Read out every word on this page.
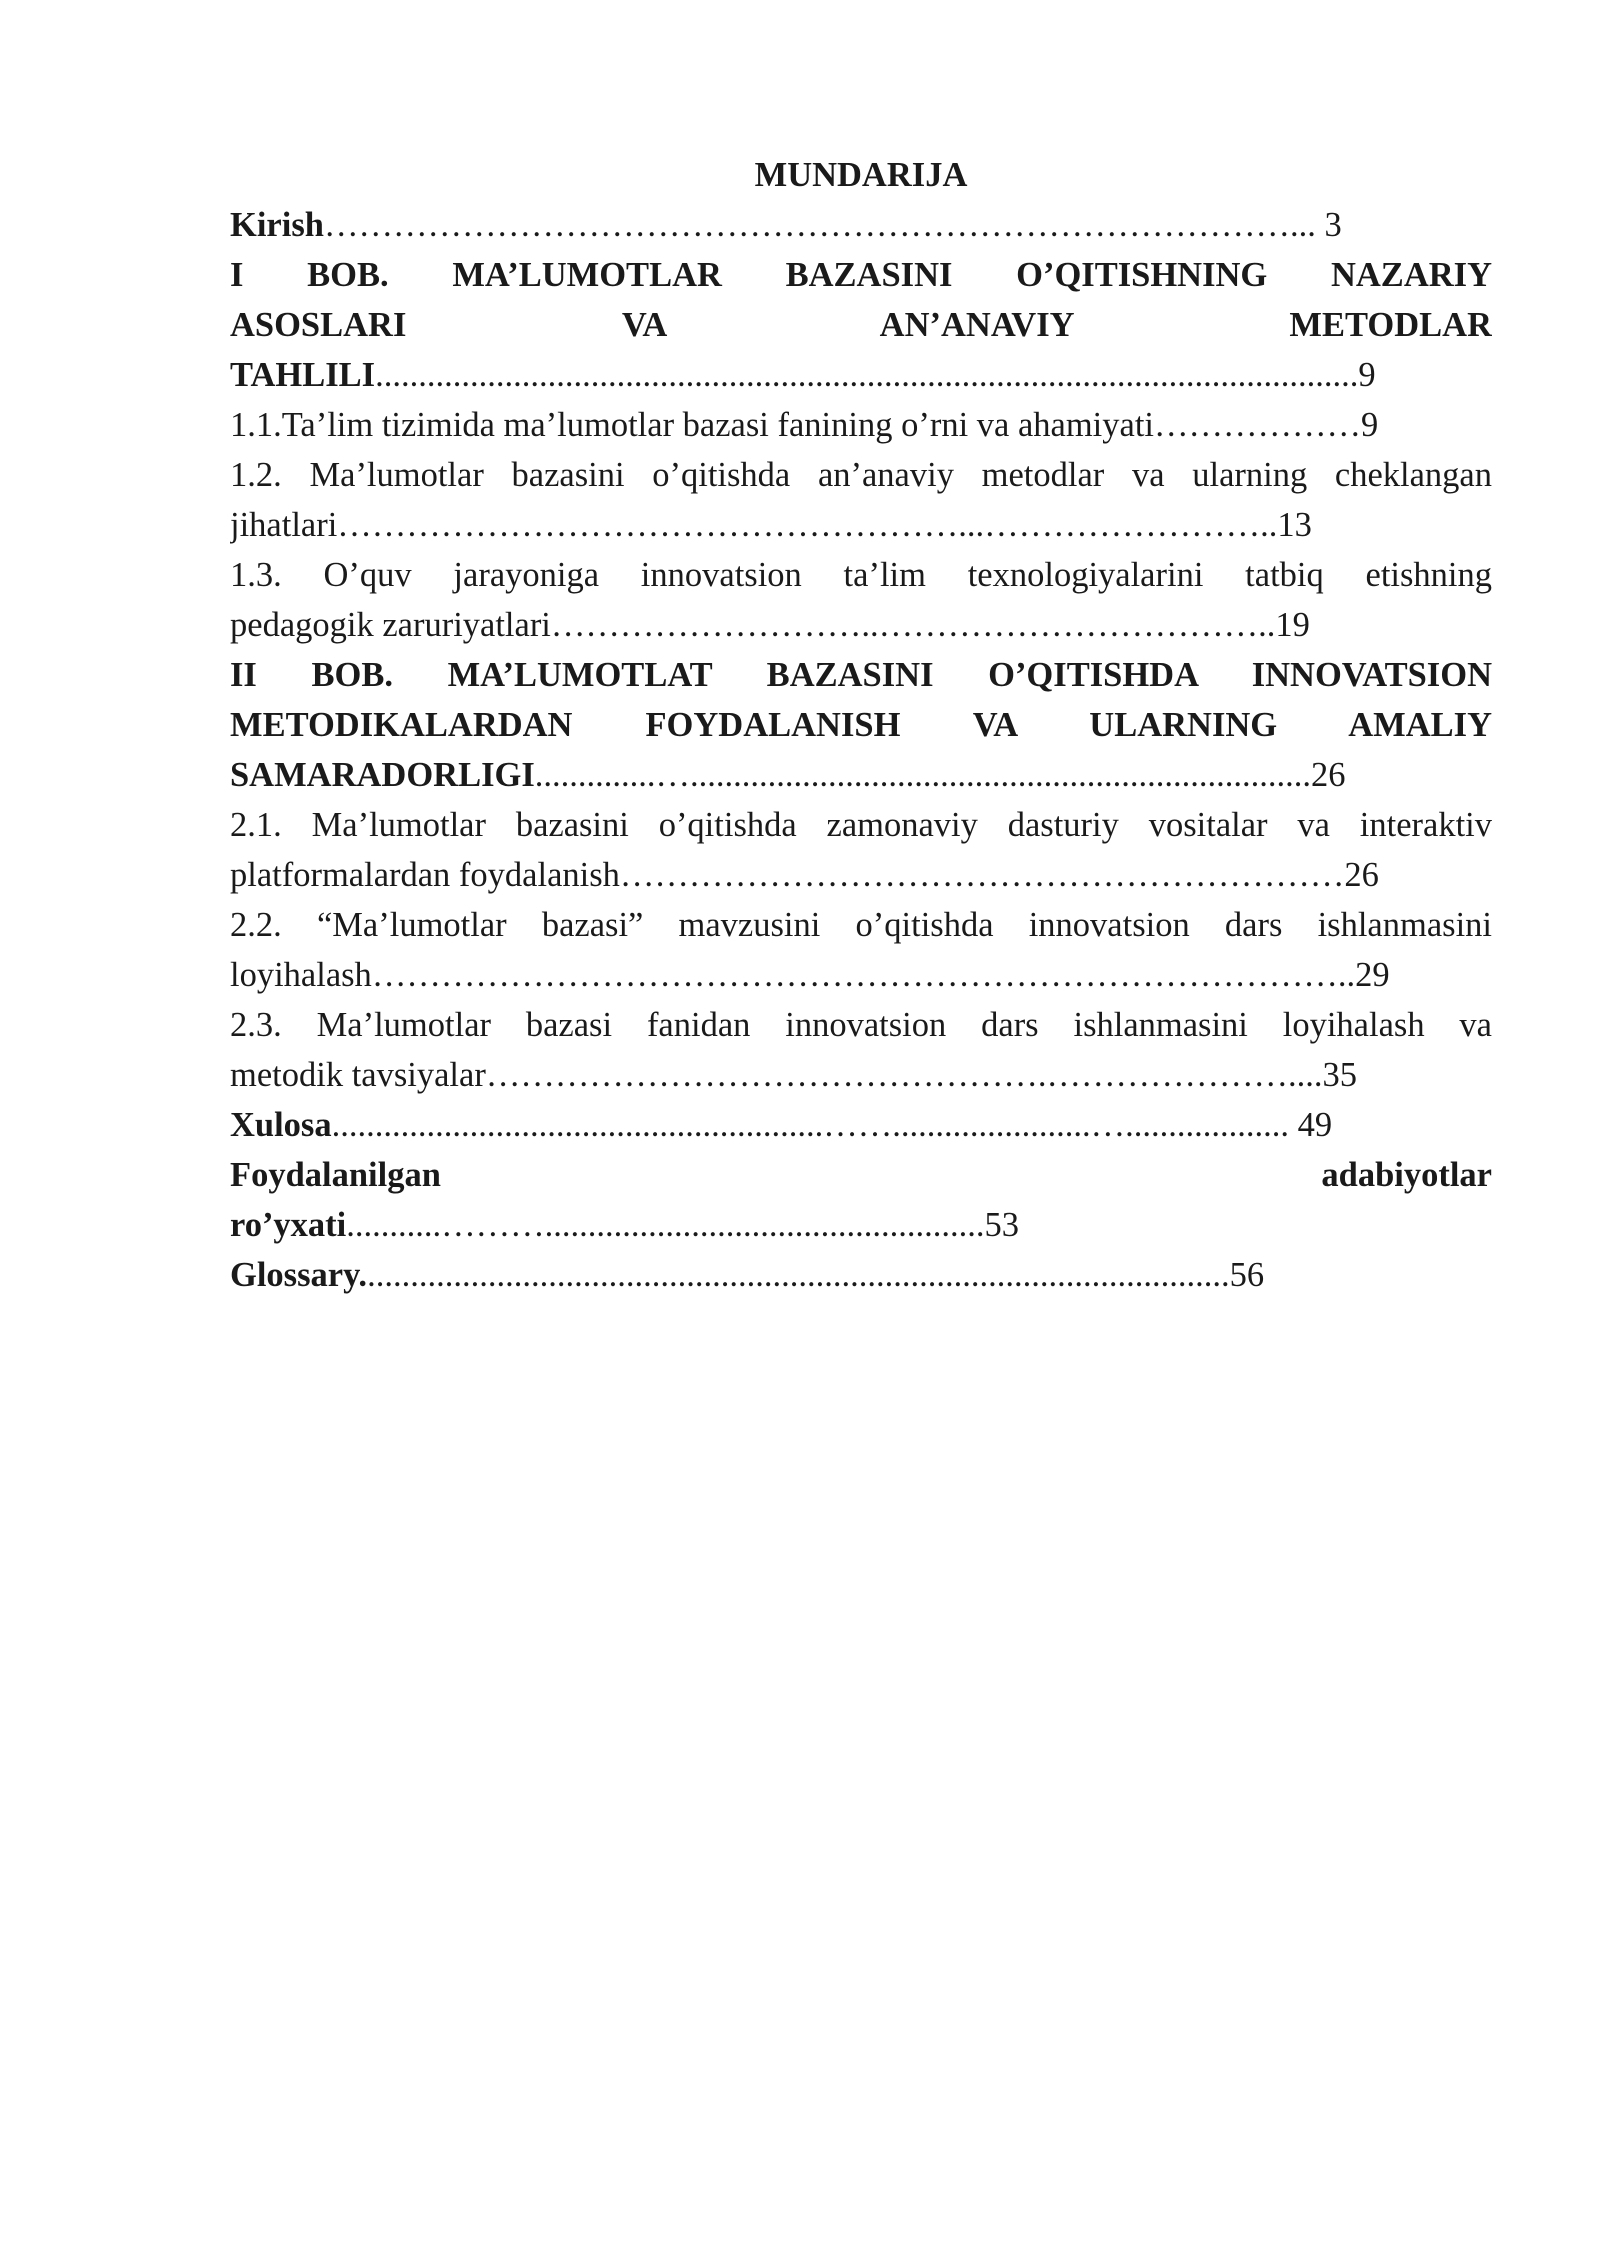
MUNDARIJA
Kirish…………………………………………………………………………... 3
I BOB. MA’LUMOTLAR BAZASINI O’QITISHNING NAZARIY
ASOSLARI VA AN’ANAVIY METODLAR
TAHLILI..................................................................................................................9
1.1.Ta’lim tizimida ma’lumotlar bazasi fanining o’rni va ahamiyati………………9
1.2. Ma’lumotlar bazasini o’qitishda an’anaviy metodlar va ularning cheklangan
jihatlari………………………………………………...……………………..13
1.3. O’quv jarayoniga innovatsion ta’lim texnologiyalarini tatbiq etishning
pedagogik zaruriyatlari………………………..……………………………..19
II BOB. MA’LUMOTLAT BAZASINI O’QITISHDA INNOVATSION
METODIKALARDAN FOYDALANISH VA ULARNING AMALIY
SAMARADORLIGI..............…........................................................................26
2.1. Ma’lumotlar bazasini o’qitishda zamonaviy dasturiy vositalar va interaktiv
platformalardan foydalanish………………………………………………………26
2.2. “Ma’lumotlar bazasi” mavzusini o’qitishda innovatsion dars ishlanmasini
loyihalash…………………………………………………………………………..29
2.3. Ma’lumotlar bazasi fanidan innovatsion dars ishlanmasini loyihalash va
metodik tavsiyalar………………………………………….…………………....35
Xulosa.........................................................…….......................…................... 49
Foydalanilgan adabiyotlar
ro’yxati...........………...................................................53
Glossary.....................................................................................................56
